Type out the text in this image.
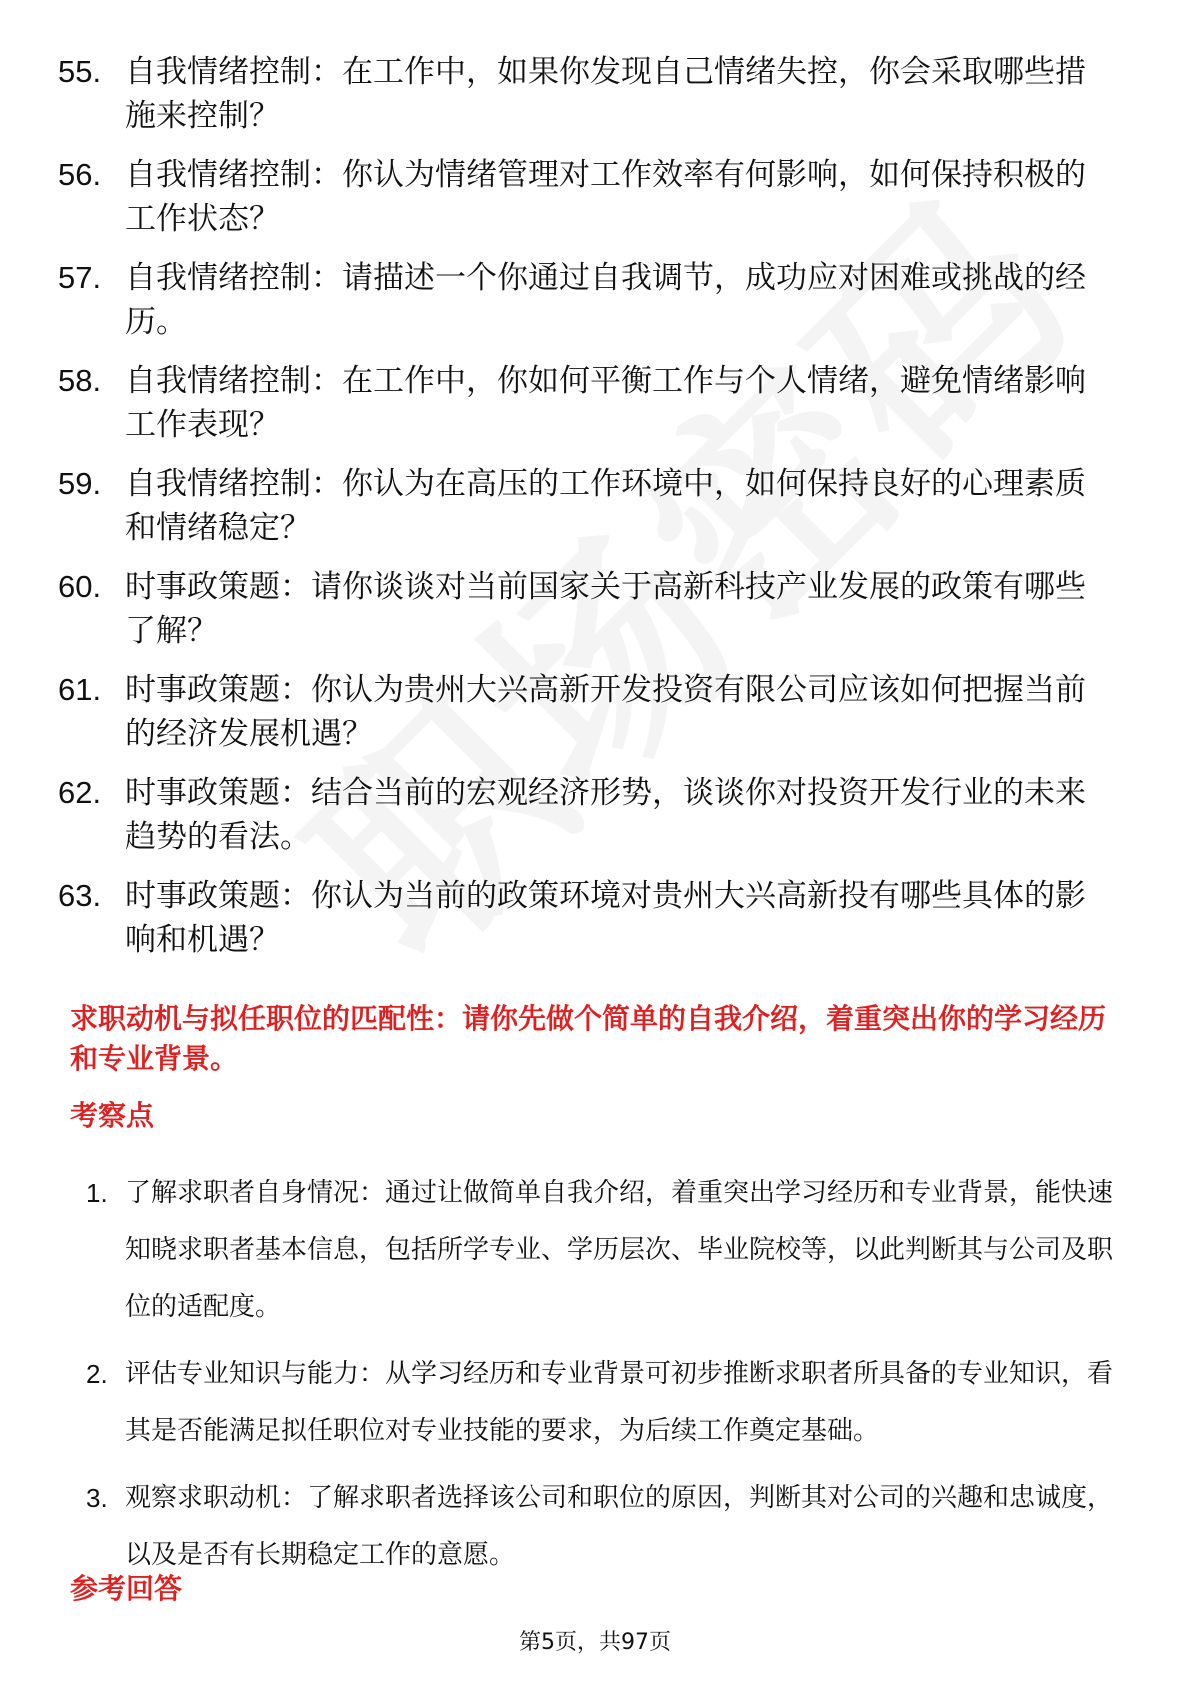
55. 自我情绪控制：在工作中，如果你发现自己情绪失控，你会采取哪些措施来控制？
56. 自我情绪控制：你认为情绪管理对工作效率有何影响，如何保持积极的工作状态？
57. 自我情绪控制：请描述一个你通过自我调节，成功应对困难或挑战的经历。
58. 自我情绪控制：在工作中，你如何平衡工作与个人情绪，避免情绪影响工作表现？
59. 自我情绪控制：你认为在高压的工作环境中，如何保持良好的心理素质和情绪稳定？
60. 时事政策题：请你谈谈对当前国家关于高新科技产业发展的政策有哪些了解？
61. 时事政策题：你认为贵州大兴高新开发投资有限公司应该如何把握当前的经济发展机遇？
62. 时事政策题：结合当前的宏观经济形势，谈谈你对投资开发行业的未来趋势的看法。
63. 时事政策题：你认为当前的政策环境对贵州大兴高新投有哪些具体的影响和机遇？
求职动机与拟任职位的匹配性：请你先做个简单的自我介绍，着重突出你的学习经历和专业背景。
考察点
1. 了解求职者自身情况：通过让做简单自我介绍，着重突出学习经历和专业背景，能快速知晓求职者基本信息，包括所学专业、学历层次、毕业院校等，以此判断其与公司及职位的适配度。
2. 评估专业知识与能力：从学习经历和专业背景可初步推断求职者所具备的专业知识，看其是否能满足拟任职位对专业技能的要求，为后续工作奠定基础。
3. 观察求职动机：了解求职者选择该公司和职位的原因，判断其对公司的兴趣和忠诚度，以及是否有长期稳定工作的意愿。
参考回答
第5页，共97页
